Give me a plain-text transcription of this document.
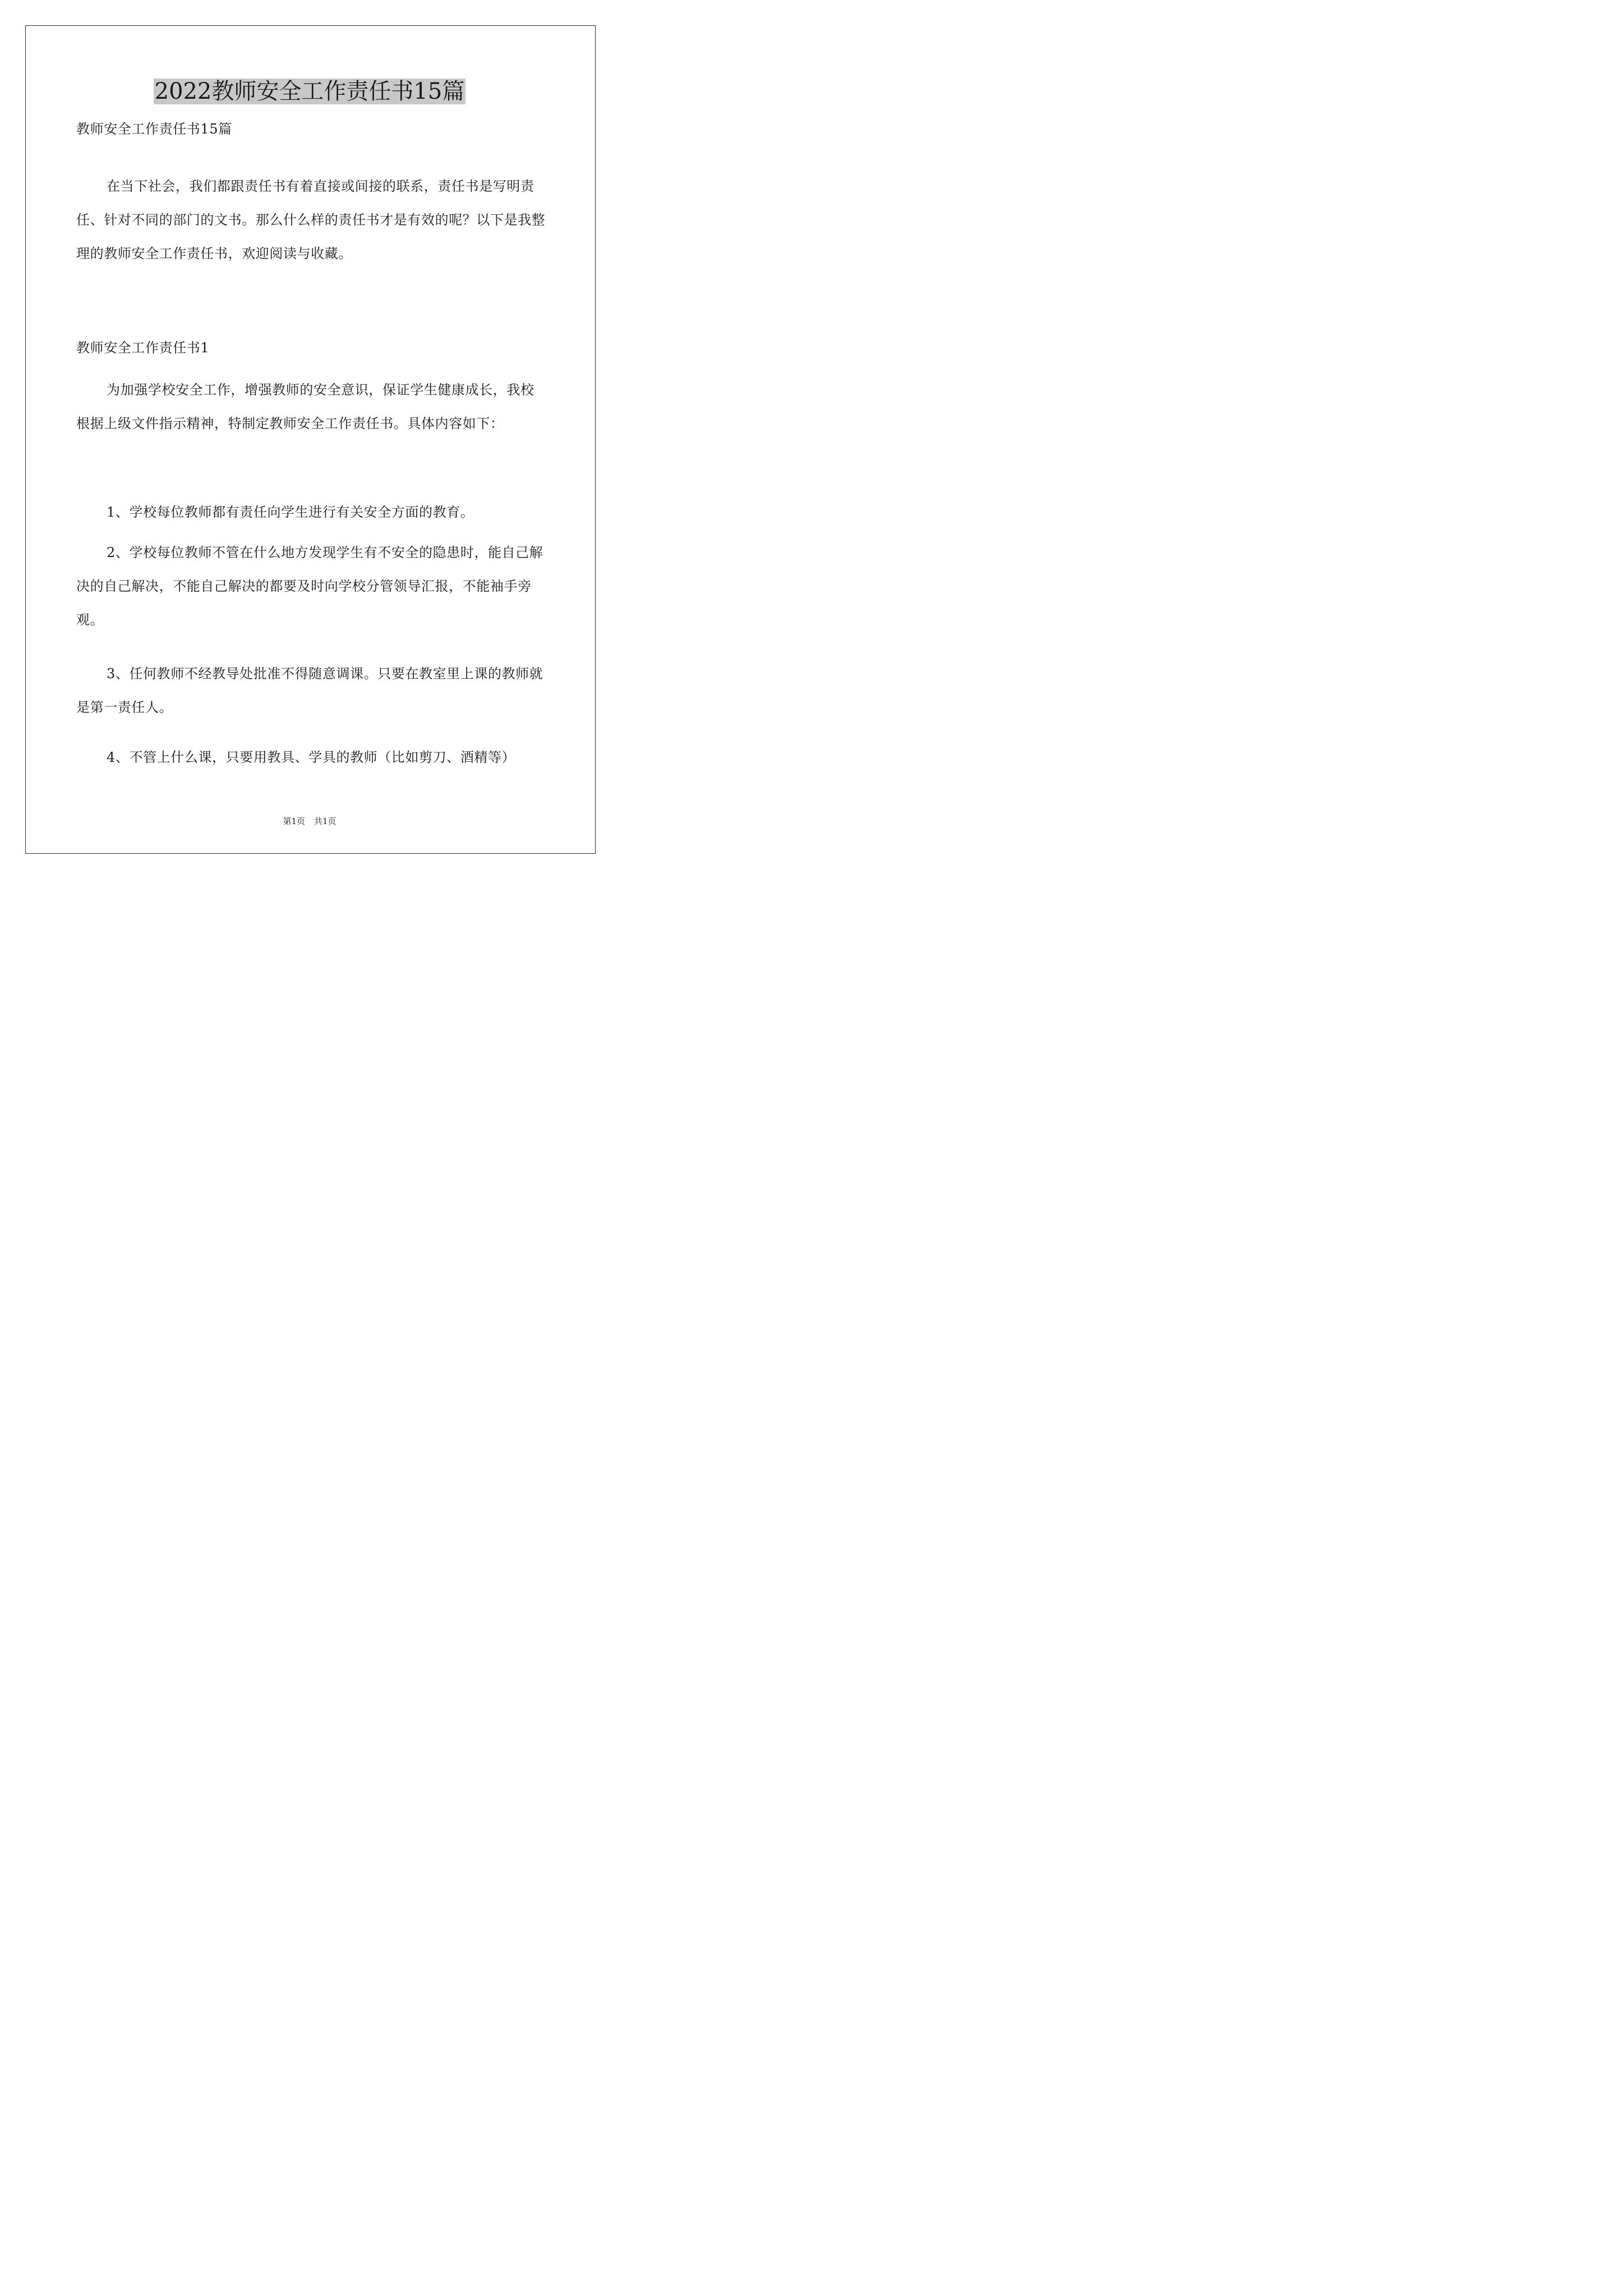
2022教师安全工作责任书15篇

教师安全工作责任书15篇

在当下社会，我们都跟责任书有着直接或间接的联系，责任书是写明责任、针对不同的部门的文书。那么什么样的责任书才是有效的呢？以下是我整理的教师安全工作责任书，欢迎阅读与收藏。

教师安全工作责任书1

为加强学校安全工作，增强教师的安全意识，保证学生健康成长，我校根据上级文件指示精神，特制定教师安全工作责任书。具体内容如下：

1、学校每位教师都有责任向学生进行有关安全方面的教育。

2、学校每位教师不管在什么地方发现学生有不安全的隐患时，能自己解决的自己解决，不能自己解决的都要及时向学校分管领导汇报，不能袖手旁观。

3、任何教师不经教导处批准不得随意调课。只要在教室里上课的教师就是第一责任人。

4、不管上什么课，只要用教具、学具的教师（比如剪刀、酒精等）

第1页 共1页
